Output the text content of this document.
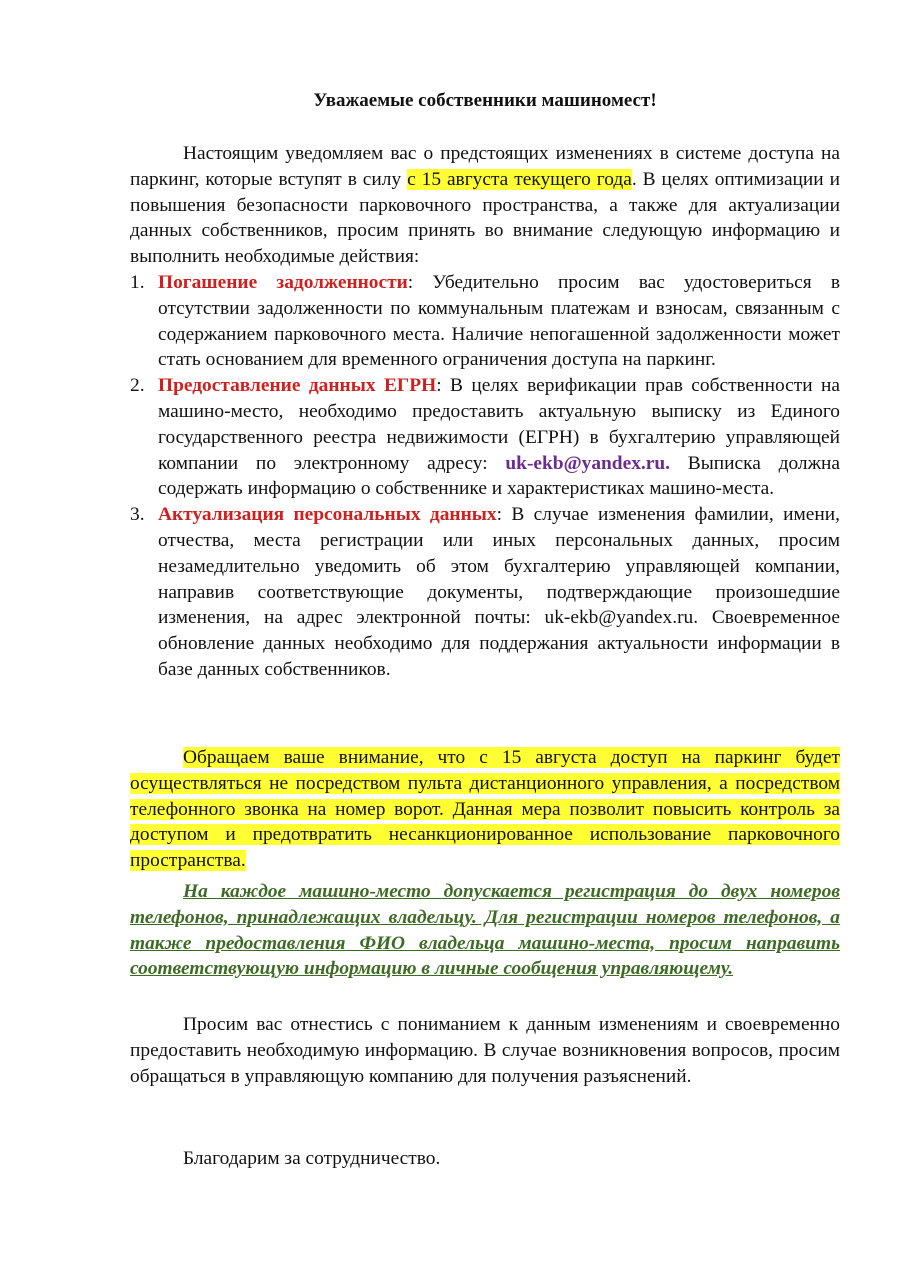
Уважаемые собственники машиномест!
Настоящим уведомляем вас о предстоящих изменениях в системе доступа на паркинг, которые вступят в силу с 15 августа текущего года. В целях оптимизации и повышения безопасности парковочного пространства, а также для актуализации данных собственников, просим принять во внимание следующую информацию и выполнить необходимые действия:
1. Погашение задолженности: Убедительно просим вас удостовериться в отсутствии задолженности по коммунальным платежам и взносам, связанным с содержанием парковочного места. Наличие непогашенной задолженности может стать основанием для временного ограничения доступа на паркинг.
2. Предоставление данных ЕГРН: В целях верификации прав собственности на машино-место, необходимо предоставить актуальную выписку из Единого государственного реестра недвижимости (ЕГРН) в бухгалтерию управляющей компании по электронному адресу: uk-ekb@yandex.ru. Выписка должна содержать информацию о собственнике и характеристиках машино-места.
3. Актуализация персональных данных: В случае изменения фамилии, имени, отчества, места регистрации или иных персональных данных, просим незамедлительно уведомить об этом бухгалтерию управляющей компании, направив соответствующие документы, подтверждающие произошедшие изменения, на адрес электронной почты: uk-ekb@yandex.ru. Своевременное обновление данных необходимо для поддержания актуальности информации в базе данных собственников.
Обращаем ваше внимание, что с 15 августа доступ на паркинг будет осуществляться не посредством пульта дистанционного управления, а посредством телефонного звонка на номер ворот. Данная мера позволит повысить контроль за доступом и предотвратить несанкционированное использование парковочного пространства.
На каждое машино-место допускается регистрация до двух номеров телефонов, принадлежащих владельцу. Для регистрации номеров телефонов, а также предоставления ФИО владельца машино-места, просим направить соответствующую информацию в личные сообщения управляющему.
Просим вас отнестись с пониманием к данным изменениям и своевременно предоставить необходимую информацию. В случае возникновения вопросов, просим обращаться в управляющую компанию для получения разъяснений.
Благодарим за сотрудничество.
